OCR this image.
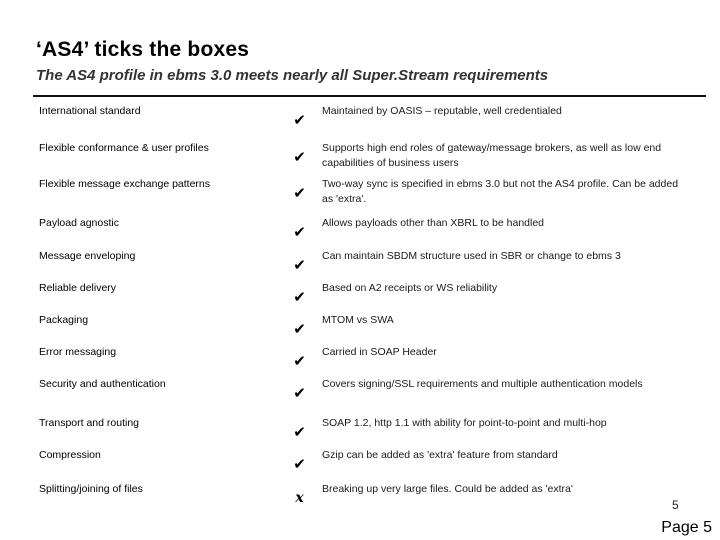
‘AS4’ ticks the boxes
The AS4 profile in ebms 3.0 meets nearly all Super.Stream requirements
International standard	✔	Maintained by OASIS – reputable, well credentialed
Flexible conformance & user profiles	✔	Supports high end roles of gateway/message brokers, as well as low end capabilities of business users
Flexible message exchange patterns	✔	Two-way sync is specified in ebms 3.0 but not the AS4 profile. Can be added as 'extra'.
Payload agnostic	✔	Allows payloads other than XBRL to be handled
Message enveloping	✔	Can maintain SBDM structure used in SBR or change to ebms 3
Reliable delivery	✔	Based on A2 receipts or WS reliability
Packaging	✔	MTOM vs SWA
Error messaging	✔	Carried in SOAP Header
Security and authentication	✔	Covers signing/SSL requirements and multiple authentication models
Transport and routing	✔	SOAP 1.2, http 1.1 with ability for point-to-point and multi-hop
Compression	✔	Gzip can be added as 'extra' feature from standard
Splitting/joining of files	x	Breaking up very large files. Could be added as 'extra'
5
Page 5
